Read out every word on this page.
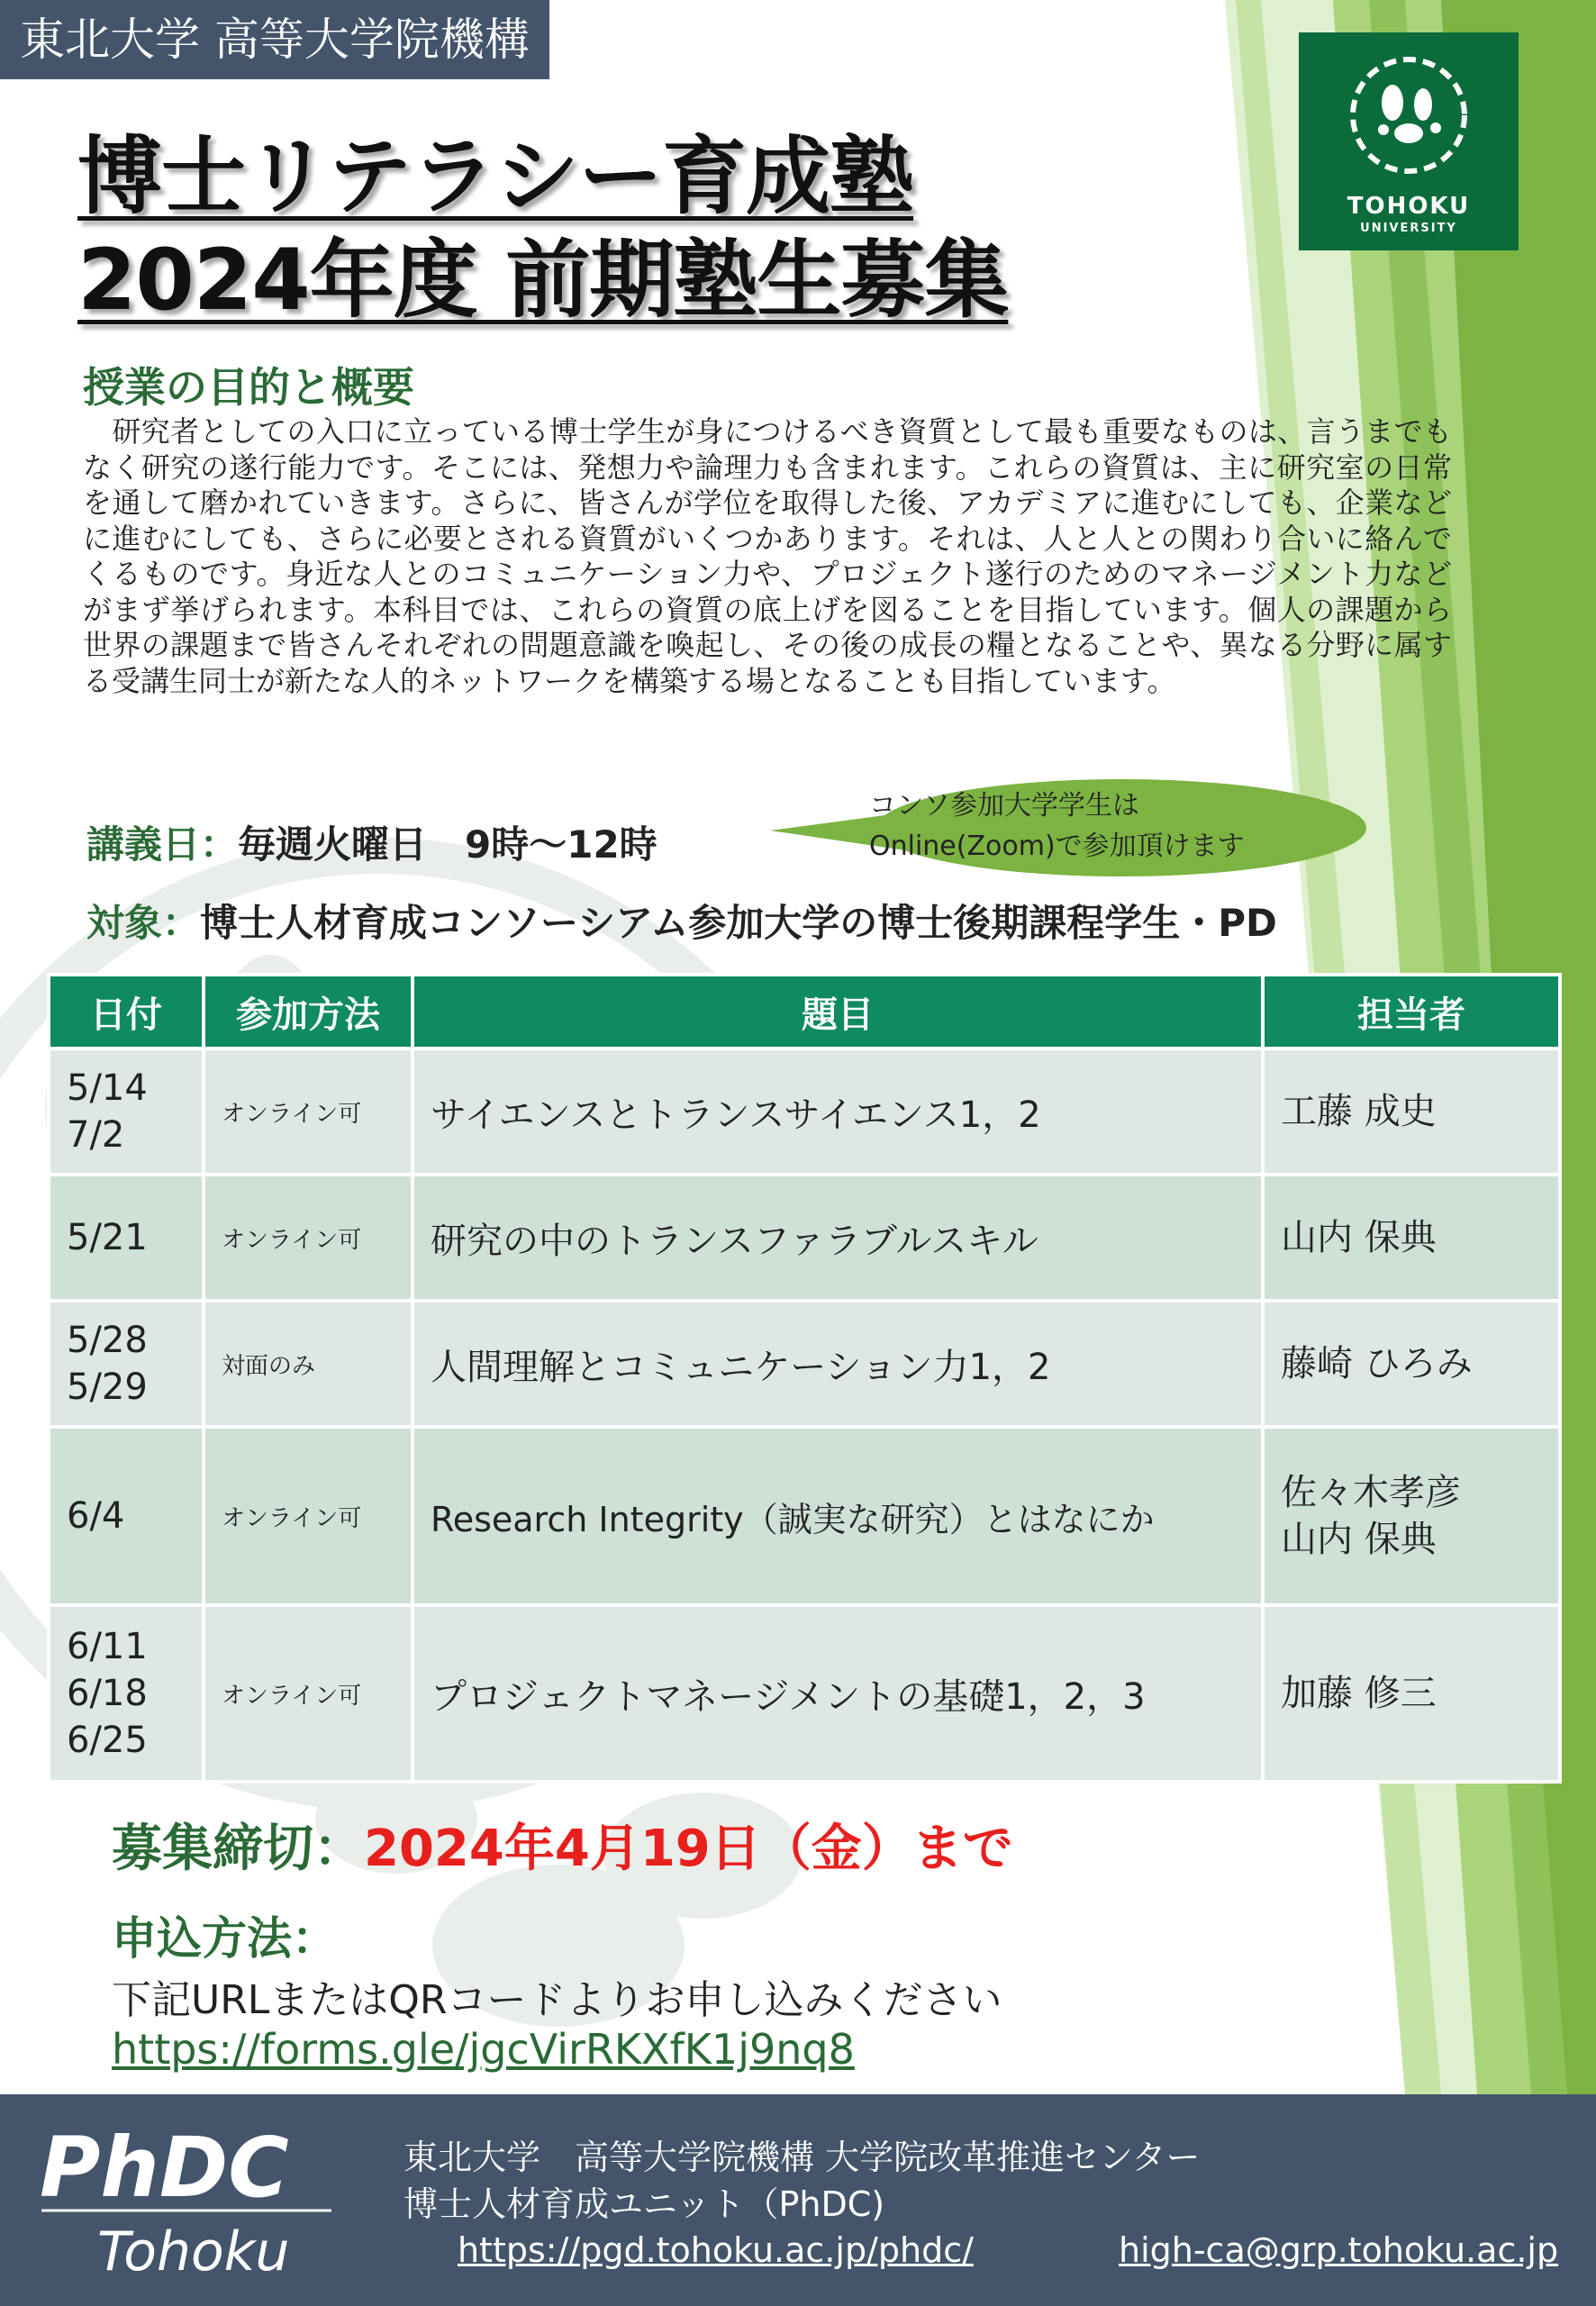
東北大学 高等大学院機構
TOHOKU
UNIVERSITY
博士リテラシー育成塾
2024年度 前期塾生募集
授業の目的と概要
　研究者としての入口に立っている博士学生が身につけるべき資質として最も重要なものは、言うまでもなく研究の遂行能力です。そこには、発想力や論理力も含まれます。これらの資質は、主に研究室の日常を通して磨かれていきます。さらに、皆さんが学位を取得した後、アカデミアに進むにしても、企業などに進むにしても、さらに必要とされる資質がいくつかあります。それは、人と人との関わり合いに絡んでくるものです。身近な人とのコミュニケーション力や、プロジェクト遂行のためのマネージメント力などがまず挙げられます。本科目では、これらの資質の底上げを図ることを目指しています。個人の課題から世界の課題まで皆さんそれぞれの問題意識を喚起し、その後の成長の糧となることや、異なる分野に属する受講生同士が新たな人的ネットワークを構築する場となることも目指しています。
講義日：毎週火曜日　9時～12時
コンソ参加大学学生は
Online(Zoom)で参加頂けます
対象：博士人材育成コンソーシアム参加大学の博士後期課程学生・PD
日付	参加方法	題目	担当者

5/14
7/2	オンライン可	サイエンスとトランスサイエンス1，2	工藤 成史

5/21	オンライン可	研究の中のトランスファラブルスキル	山内 保典

5/28
5/29	対面のみ	人間理解とコミュニケーション力1，2	藤崎 ひろみ

6/4	オンライン可	Research Integrity（誠実な研究）とはなにか	佐々木孝彦
山内 保典

6/11
6/18
6/25	オンライン可	プロジェクトマネージメントの基礎1，2，3	加藤 修三
募集締切：2024年4月19日（金）まで
申込方法：
下記URLまたはQRコードよりお申し込みください
https://forms.gle/jgcVirRKXfK1j9nq8
PhDC
Tohoku
東北大学　高等大学院機構 大学院改革推進センター
博士人材育成ユニット（PhDC)
https://pgd.tohoku.ac.jp/phdc/	high-ca@grp.tohoku.ac.jp
